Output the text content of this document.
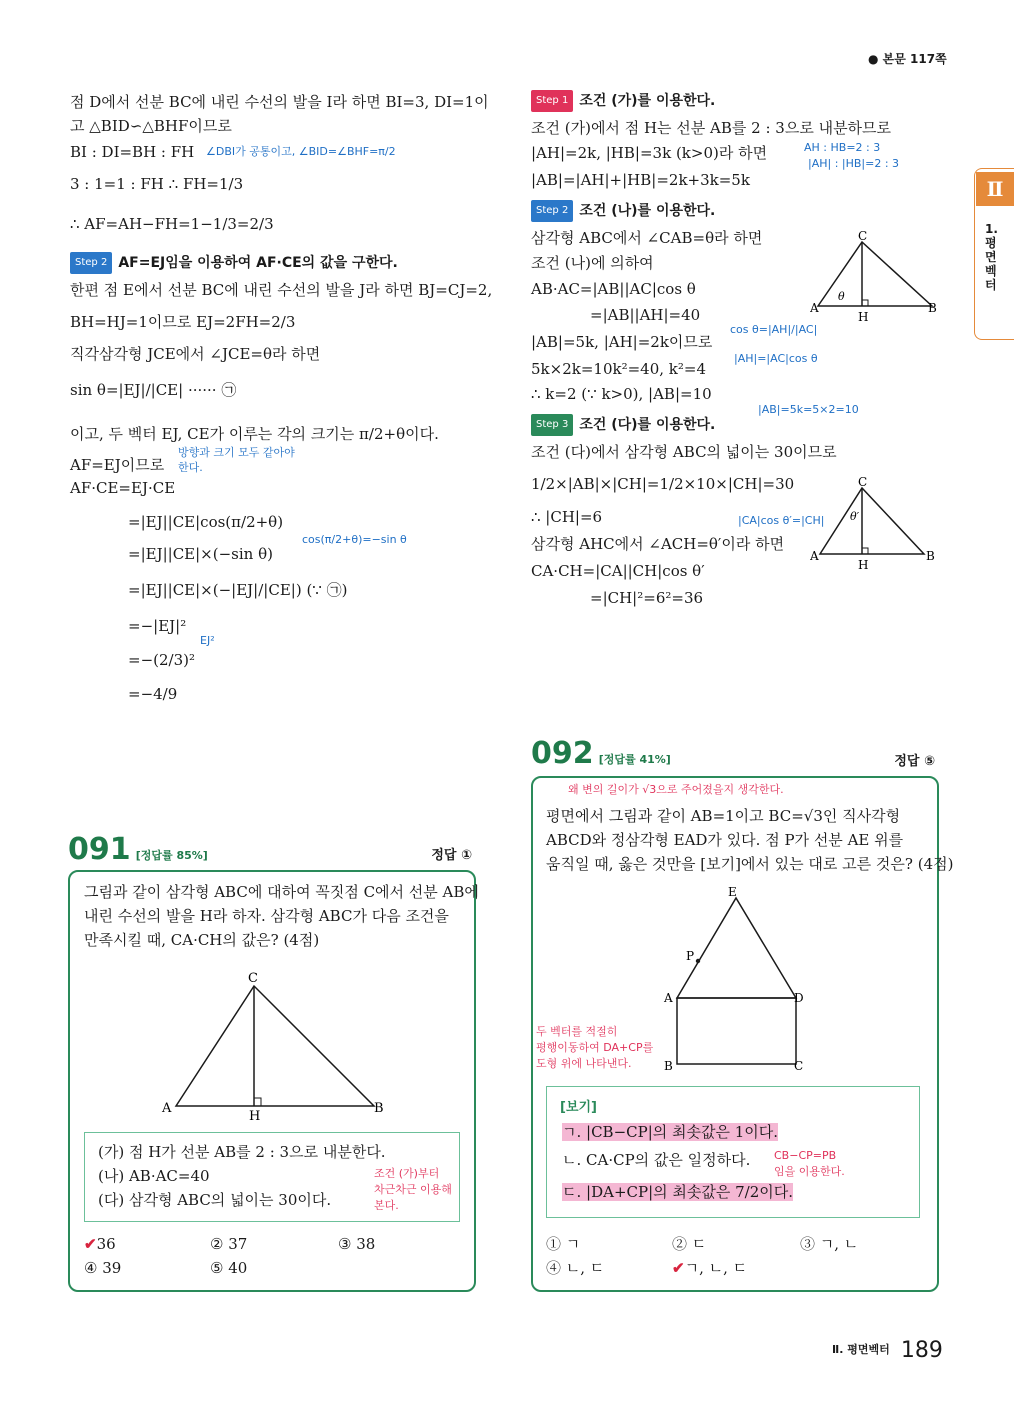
● 본문 117쪽
Ⅱ
1. 평면벡터
점 D에서 선분 BC에 내린 수선의 발을 I라 하면 BI=3, DI=1이
고 △BID∽△BHF이므로
BI : DI=BH : FH ∠DBI가 공통이고, ∠BID=∠BHF=π/2
3 : 1=1 : FH ∴ FH=1/3
∴ AF=AH−FH=1−1/3=2/3
Step 2 AF=EJ임을 이용하여 AF·CE의 값을 구한다.
한편 점 E에서 선분 BC에 내린 수선의 발을 J라 하면 BJ=CJ=2,
BH=HJ=1이므로 EJ=2FH=2/3
직각삼각형 JCE에서 ∠JCE=θ라 하면
sin θ=|EJ|/|CE| ······ ㉠
이고, 두 벡터 EJ, CE가 이루는 각의 크기는 π/2+θ이다.
방향과 크기 모두 같아야
AF=EJ이므로 한다.
AF·CE=EJ·CE
=|EJ||CE|cos(π/2+θ)
cos(π/2+θ)=−sin θ
=|EJ||CE|×(−sin θ)
=|EJ||CE|×(−|EJ|/|CE|) (∵ ㉠)
=−|EJ|²
EJ²
=−(2/3)²
=−4/9
Step 1 조건 (가)를 이용한다.
조건 (가)에서 점 H는 선분 AB를 2 : 3으로 내분하므로
|AH|=2k, |HB|=3k (k>0)라 하면	AH : HB=2 : 3
|AH| : |HB|=2 : 3
|AB|=|AH|+|HB|=2k+3k=5k
Step 2 조건 (나)를 이용한다.
삼각형 ABC에서 ∠CAB=θ라 하면
조건 (나)에 의하여
AB·AC=|AB||AC|cos θ
=|AB||AH|=40
cos θ=|AH|/|AC|
|AB|=5k, |AH|=2k이므로
|AH|=|AC|cos θ
5k×2k=10k²=40, k²=4
∴ k=2 (∵ k>0), |AB|=10
|AB|=5k=5×2=10
Step 3 조건 (다)를 이용한다.
조건 (다)에서 삼각형 ABC의 넓이는 30이므로
1/2×|AB|×|CH|=1/2×10×|CH|=30
∴ |CH|=6	|CA|cos θ′=|CH|
삼각형 AHC에서 ∠ACH=θ′이라 하면
CA·CH=|CA||CH|cos θ′
=|CH|²=6²=36
C
A	B
H
θ
C
A	B
H
θ′
091 [정답률 85%]	정답 ①
그림과 같이 삼각형 ABC에 대하여 꼭짓점 C에서 선분 AB에
내린 수선의 발을 H라 하자. 삼각형 ABC가 다음 조건을
만족시킬 때, CA·CH의 값은? (4점)
C
A	B
H
(가) 점 H가 선분 AB를 2 : 3으로 내분한다.
(나) AB·AC=40
(다) 삼각형 ABC의 넓이는 30이다.
조건 (가)부터
차근차근 이용해
본다.
✔36	② 37	③ 38
④ 39	⑤ 40
092 [정답률 41%]	정답 ⑤
왜 변의 길이가 √3으로 주어졌을지 생각한다.
평면에서 그림과 같이 AB=1이고 BC=√3인 직사각형
ABCD와 정삼각형 EAD가 있다. 점 P가 선분 AE 위를
움직일 때, 옳은 것만을 [보기]에서 있는 대로 고른 것은? (4점)
E
P
A	D
B	C
두 벡터를 적절히
평행이동하여 DA+CP를
도형 위에 나타낸다.
[보기]
ㄱ. |CB−CP|의 최솟값은 1이다.
ㄴ. CA·CP의 값은 일정하다.
ㄷ. |DA+CP|의 최솟값은 7/2이다.
CB−CP=PB
임을 이용한다.
① ㄱ	② ㄷ	③ ㄱ, ㄴ
④ ㄴ, ㄷ	✔ㄱ, ㄴ, ㄷ
$^{Ⅱ. 평면벡터}$ 189
